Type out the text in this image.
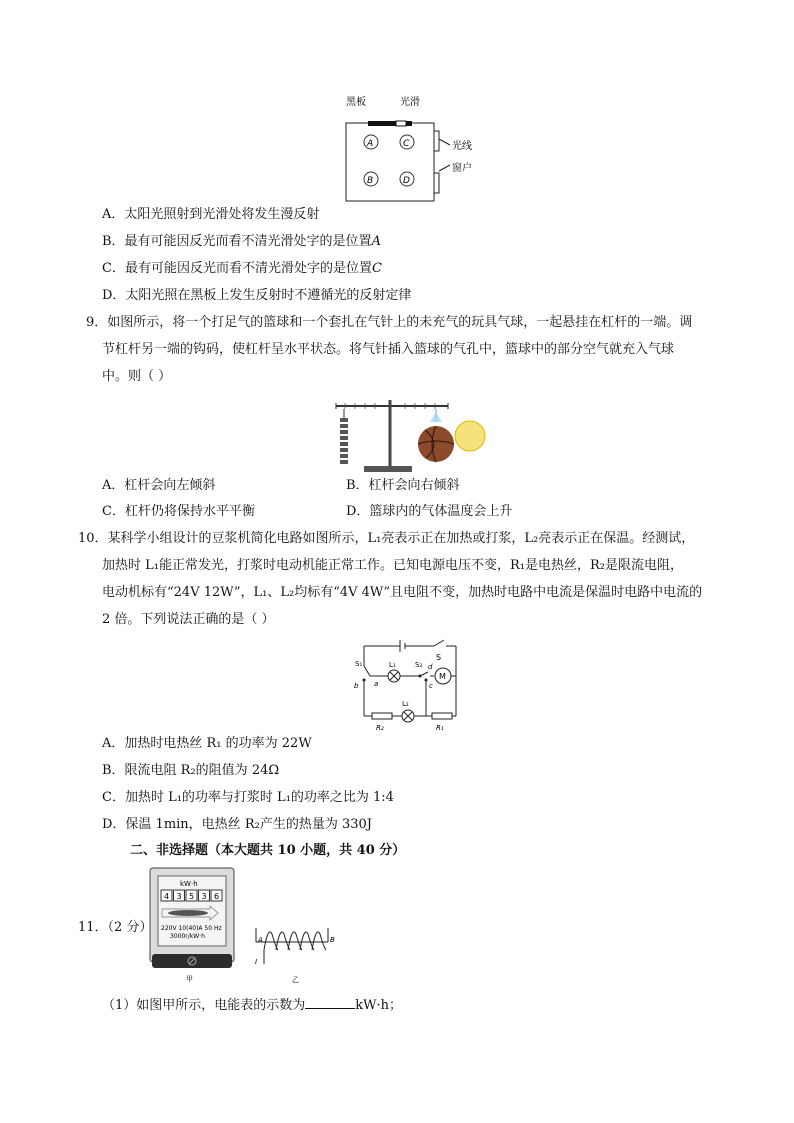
黑板	光滑
A	C
B	D
光线
窗户
A．太阳光照射到光滑处将发生漫反射
B．最有可能因反光而看不清光滑处字的是位置A
C．最有可能因反光而看不清光滑处字的是位置C
D．太阳光照在黑板上发生反射时不遵循光的反射定律
9．如图所示，将一个打足气的篮球和一个套扎在气针上的未充气的玩具气球，一起悬挂在杠杆的一端。调
节杠杆另一端的钩码，使杠杆呈水平状态。将气针插入篮球的气孔中，篮球中的部分空气就充入气球
中。则（ ）
A．杠杆会向左倾斜	B．杠杆会向右倾斜
C．杠杆仍将保持水平平衡	D．篮球内的气体温度会上升
10．某科学小组设计的豆浆机简化电路如图所示，L₁亮表示正在加热或打浆，L₂亮表示正在保温。经测试，
加热时 L₁能正常发光，打浆时电动机能正常工作。已知电源电压不变，R₁是电热丝，R₂是限流电阻，
电动机标有“24V 12W”，L₁、L₂均标有“4V 4W”且电阻不变，加热时电路中电流是保温时电路中电流的
2 倍。下列说法正确的是（ ）
S
S₁
b a
L₁	S₂ d
c
M
L₂
R₂	R₁
A．加热时电热丝 R₁ 的功率为 22W
B．限流电阻 R₂的阻值为 24Ω
C．加热时 L₁的功率与打浆时 L₁的功率之比为 1:4
D．保温 1min，电热丝 R₂产生的热量为 330J
二、非选择题（本大题共 10 小题，共 40 分）
kW·h
4 3 5 3 6
220V 10(40)A 50 Hz
3000r/kW·h
甲
11．（2 分）
A	B
I
乙
（1）如图甲所示，电能表的示数为	kW·h；
